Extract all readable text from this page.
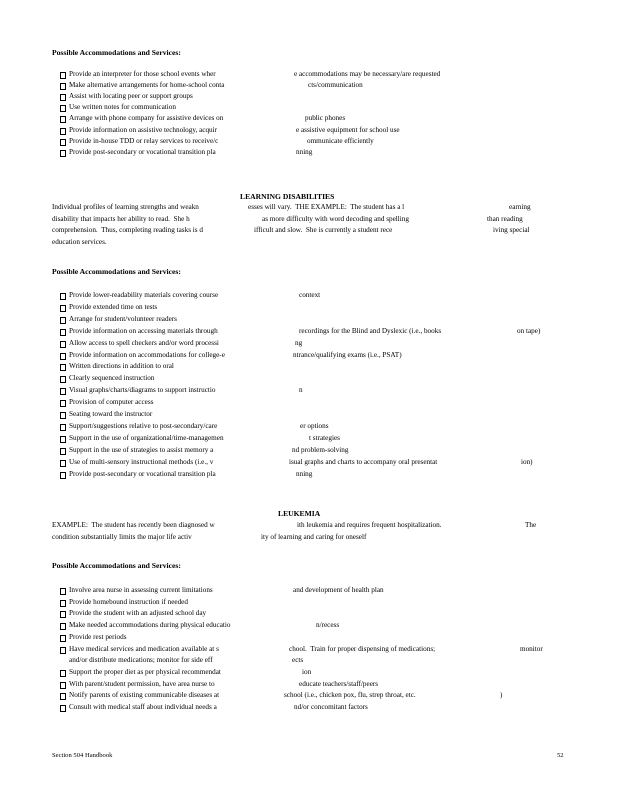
Possible Accommodations and Services:
Provide an interpreter for those school events wher	e accommodations may be necessary/are requested
Make alternative arrangements for home-school conta	cts/communication
Assist with locating peer or support groups
Use written notes for communication
Arrange with phone company for assistive devices on	public phones
Provide information on assistive technology, acquir	e assistive equipment for school use
Provide in-house TDD or relay services to receive/c	ommunicate efficiently
Provide post-secondary or vocational transition pla	nning
LEARNING DISABILITIES
Individual profiles of learning strengths and weakn	esses will vary.  THE EXAMPLE:  The student has a l	earning
disability that impacts her ability to read.  She h	as more difficulty with word decoding and spelling	than reading
comprehension.  Thus, completing reading tasks is d	ifficult and slow.  She is currently a student rece	iving special
education services.
Possible Accommodations and Services:
Provide lower-readability materials covering course	context
Provide extended time on tests
Arrange for student/volunteer readers
Provide information on accessing materials through	recordings for the Blind and Dyslexic (i.e., books	on tape)
Allow access to spell checkers and/or word processi	ng
Provide information on accommodations for college-e	ntrance/qualifying exams (i.e., PSAT)
Written directions in addition to oral
Clearly sequenced instruction
Visual graphs/charts/diagrams to support instructio	n
Provision of computer access
Seating toward the instructor
Support/suggestions relative to post-secondary/care	er options
Support in the use of organizational/time-managemen	t strategies
Support in the use of strategies to assist memory a	nd problem-solving
Use of multi-sensory instructional methods (i.e., v	isual graphs and charts to accompany oral presentat	ion)
Provide post-secondary or vocational transition pla	nning
LEUKEMIA
EXAMPLE:  The student has recently been diagnosed w	ith leukemia and requires frequent hospitalization.	The
condition substantially limits the major life activ	ity of learning and caring for oneself
Possible Accommodations and Services:
Involve area nurse in assessing current limitations	and development of health plan
Provide homebound instruction if needed
Provide the student with an adjusted school day
Make needed accommodations during physical educatio	n/recess
Provide rest periods
Have medical services and medication available at s	chool.  Train for proper dispensing of medications;	monitor
and/or distribute medications; monitor for side eff	ects
Support the proper diet as per physical recommendat	ion
With parent/student permission, have area nurse to	educate teachers/staff/peers
Notify parents of existing communicable diseases at	school (i.e., chicken pox, flu, strep throat, etc.	)
Consult with medical staff about individual needs a	nd/or concomitant factors
Section 504 Handbook	52
